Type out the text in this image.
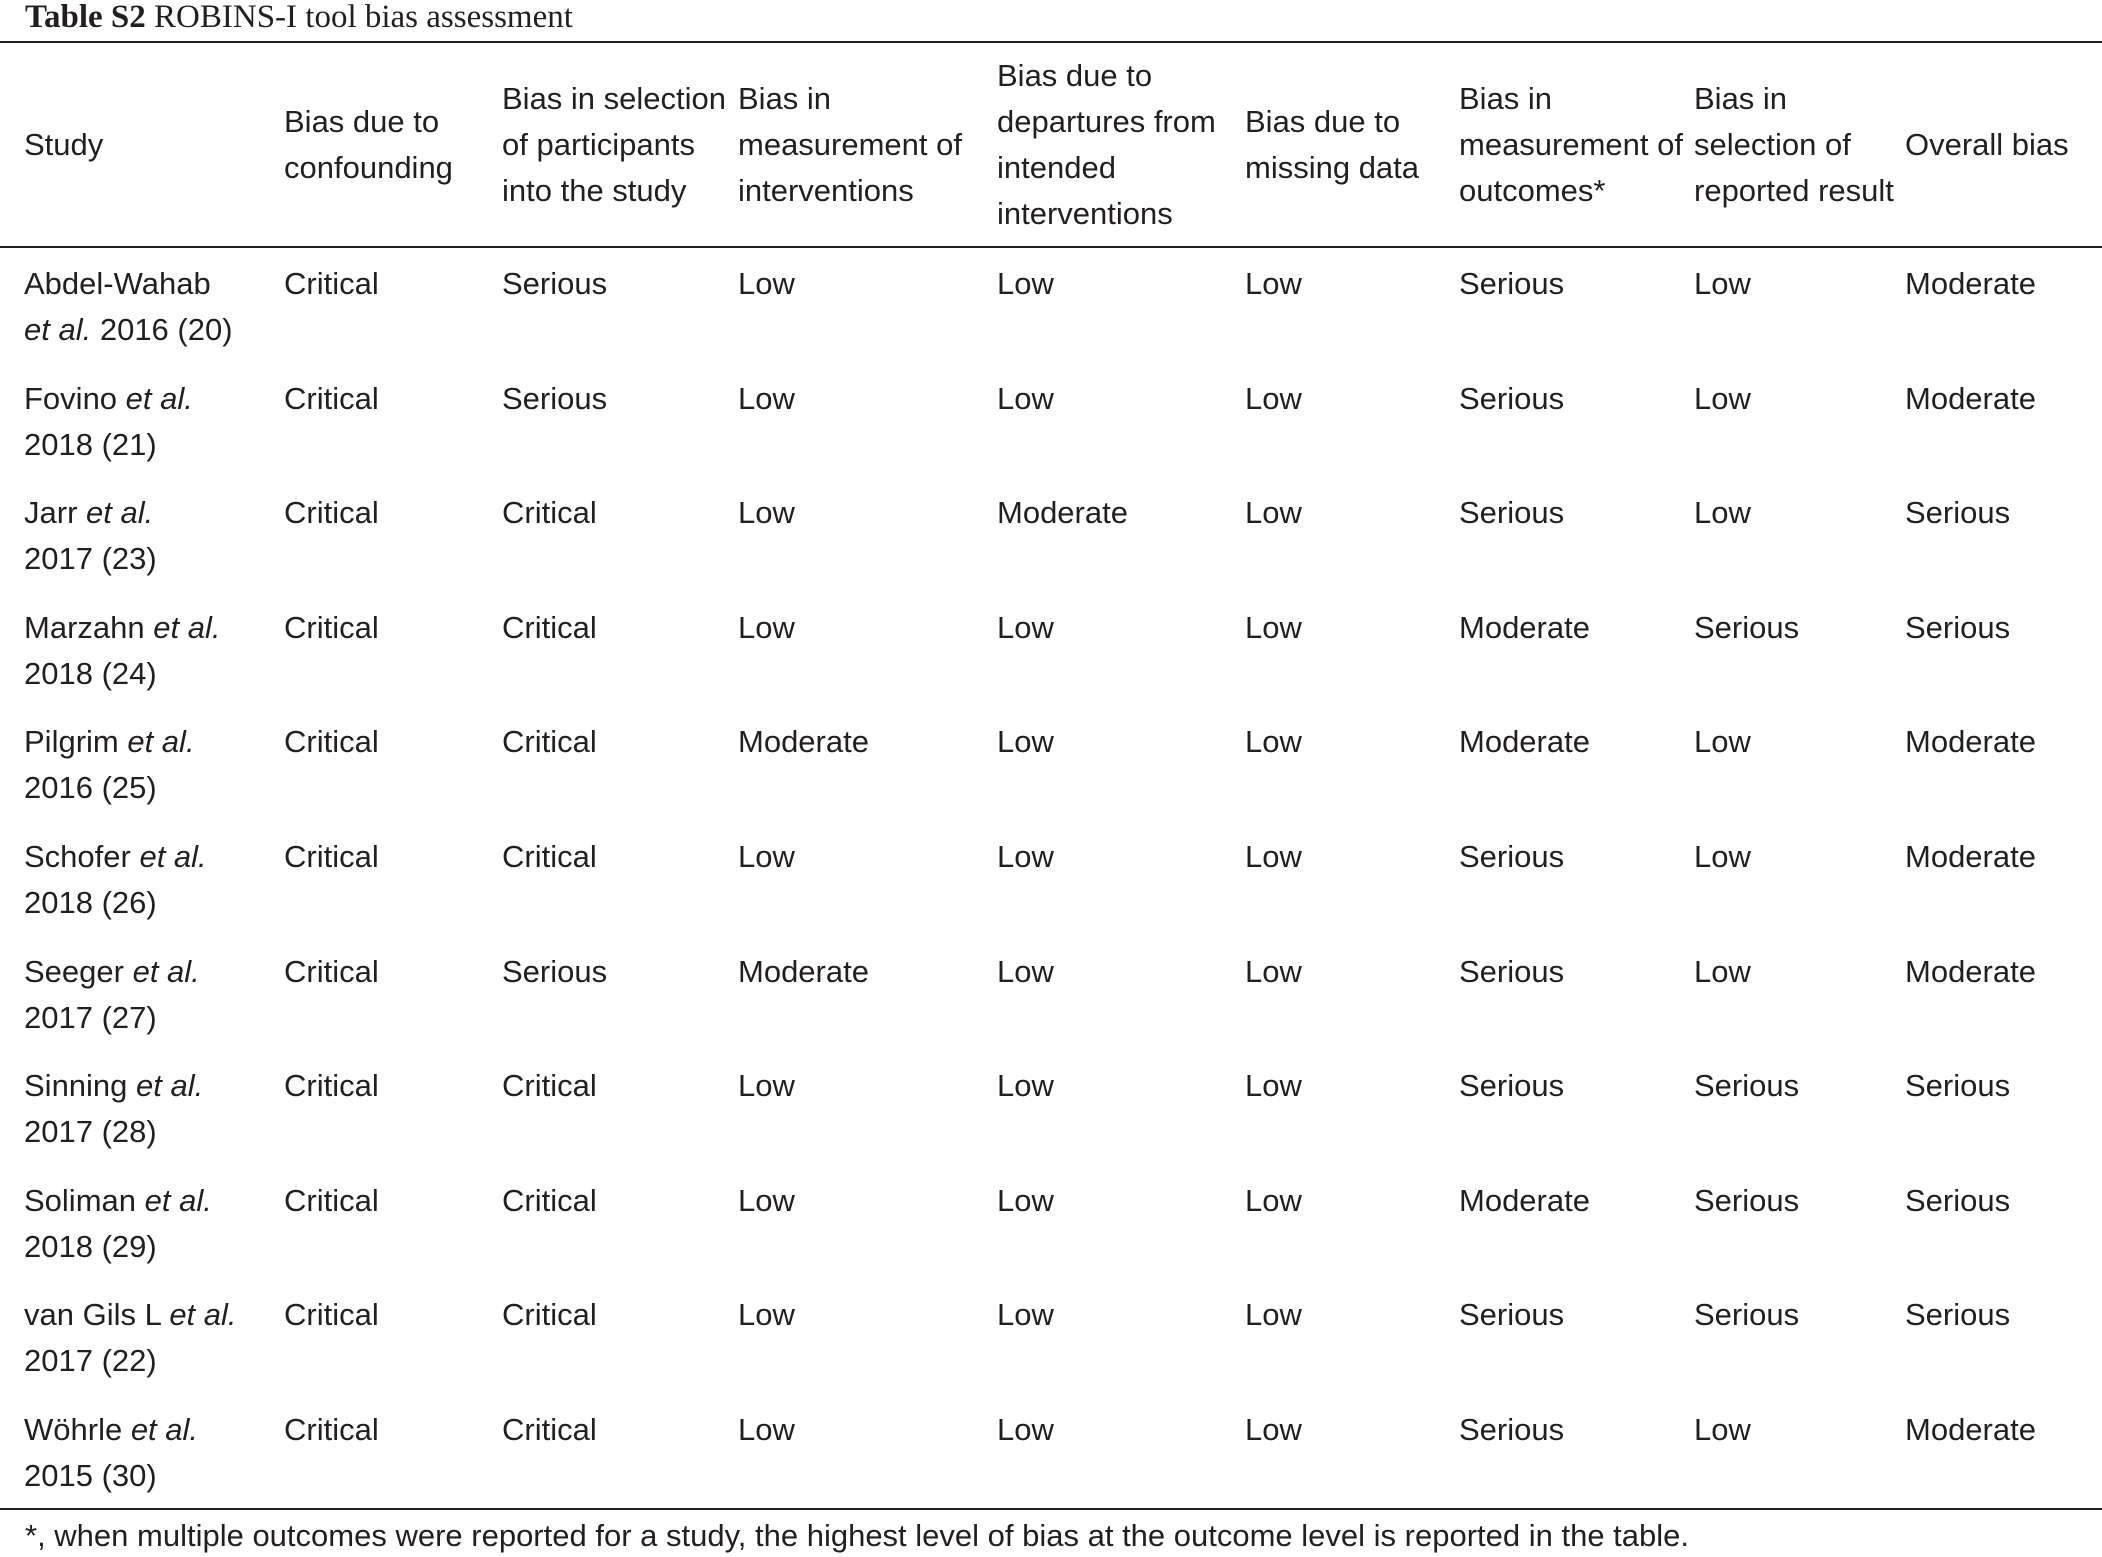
Table S2 ROBINS-I tool bias assessment
Study	Bias due to confounding	Bias in selection of participants into the study	Bias in measurement of interventions	Bias due to departures from intended interventions	Bias due to missing data	Bias in measurement of outcomes*	Bias in selection of reported result	Overall bias
Abdel-Wahab
et al. 2016 (20)	Critical	Serious	Low	Low	Low	Serious	Low	Moderate
Fovino et al.
2018 (21)	Critical	Serious	Low	Low	Low	Serious	Low	Moderate
Jarr et al.
2017 (23)	Critical	Critical	Low	Moderate	Low	Serious	Low	Serious
Marzahn et al.
2018 (24)	Critical	Critical	Low	Low	Low	Moderate	Serious	Serious
Pilgrim et al.
2016 (25)	Critical	Critical	Moderate	Low	Low	Moderate	Low	Moderate
Schofer et al.
2018 (26)	Critical	Critical	Low	Low	Low	Serious	Low	Moderate
Seeger et al.
2017 (27)	Critical	Serious	Moderate	Low	Low	Serious	Low	Moderate
Sinning et al.
2017 (28)	Critical	Critical	Low	Low	Low	Serious	Serious	Serious
Soliman et al.
2018 (29)	Critical	Critical	Low	Low	Low	Moderate	Serious	Serious
van Gils L et al.
2017 (22)	Critical	Critical	Low	Low	Low	Serious	Serious	Serious
Wöhrle et al.
2015 (30)	Critical	Critical	Low	Low	Low	Serious	Low	Moderate
*, when multiple outcomes were reported for a study, the highest level of bias at the outcome level is reported in the table.
